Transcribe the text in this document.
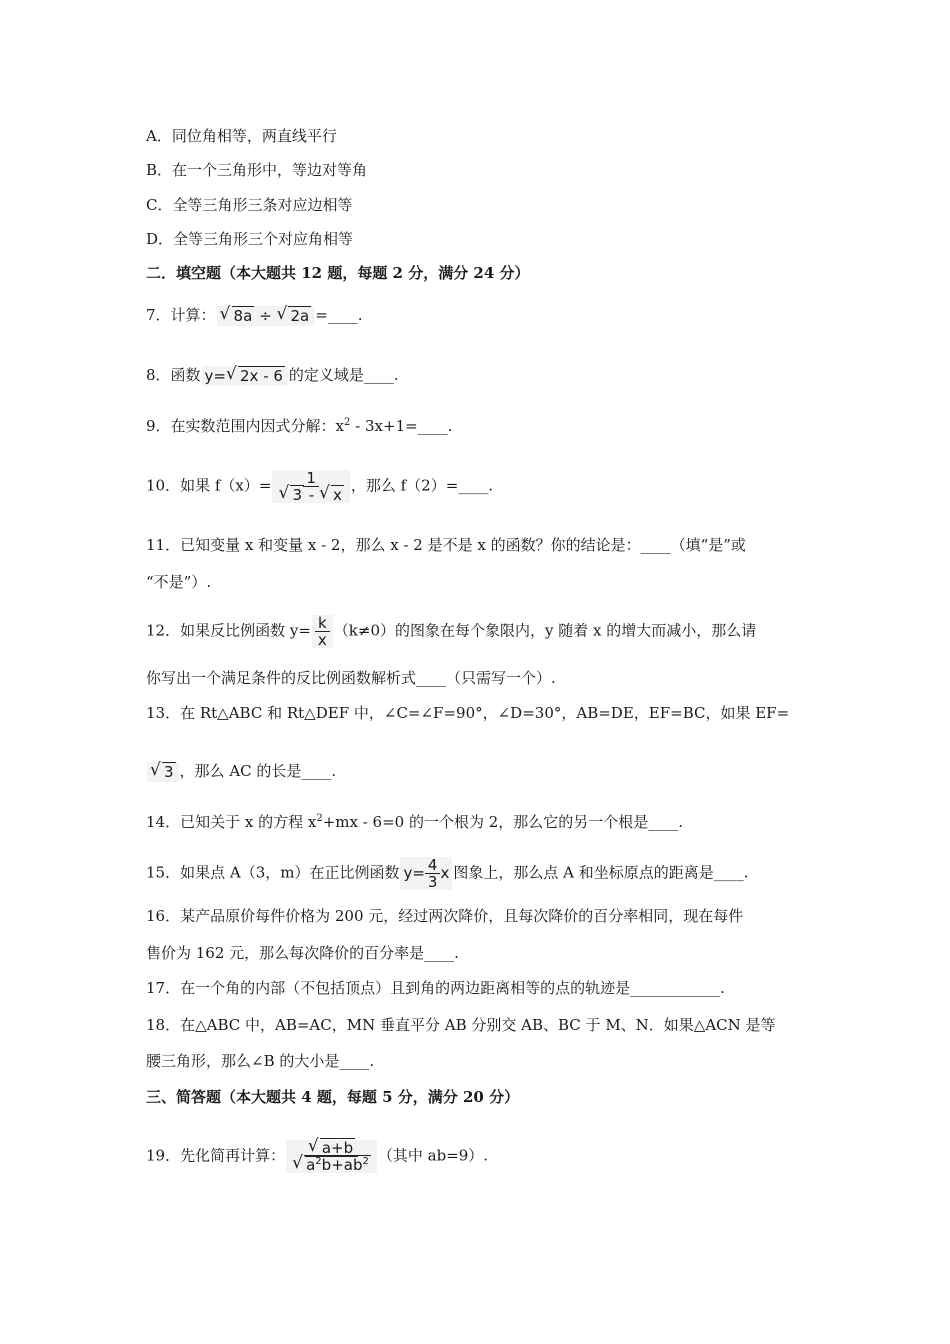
A．同位角相等，两直线平行
B．在一个三角形中，等边对等角
C．全等三角形三条对应边相等
D．全等三角形三个对应角相等
二．填空题（本大题共 12 题，每题 2 分，满分 24 分）
7．计算： √ 8a ÷ √ 2a =____.
8．函数 y= √ 2x - 6 的定义域是____.
9．在实数范围内因式分解：$x^2$ - 3x+1=____.
10．如果 f（x）= 1
√ 3 - √ x ，那么 f（2）=____.
11．已知变量 x 和变量 x - 2，那么 x - 2 是不是 x 的函数？你的结论是：____（填“是”或
“不是”）.
12．如果反比例函数 $y= \frac{k}{x} (k\ne 0)$的图象在每个象限内，y 随着 x 的增大而减小，那么请
你写出一个满足条件的反比例函数解析式____（只需写一个）.
13．在 Rt△ABC 和 Rt△DEF 中，∠C=∠F=90°，∠D=30°，AB=DE，EF=BC，如果 EF=
√ 3 ，那么 AC 的长是____.
14．已知关于 x 的方程 $x^2+mx - 6=0$ 的一个根为 2，那么它的另一个根是____.
15．如果点 A（3，m）在正比例函数 $y= \frac{4}{3}$ x 图象上，那么点 A 和坐标原点的距离是____.
16．某产品原价每件价格为 200 元，经过两次降价，且每次降价的百分率相同，现在每件
售价为 162 元，那么每次降价的百分率是____.
17．在一个角的内部（不包括顶点）且到角的两边距离相等的点的轨迹是____________.
18．在△ABC 中，AB=AC，MN 垂直平分 AB 分别交 AB、BC 于 M、N．如果△ACN 是等
腰三角形，那么∠B 的大小是____.
三、简答题（本大题共 4 题，每题 5 分，满分 20 分）
19．先化简再计算： √ a+b
√ $a^2b+ab^2$ （其中 ab=9）.
